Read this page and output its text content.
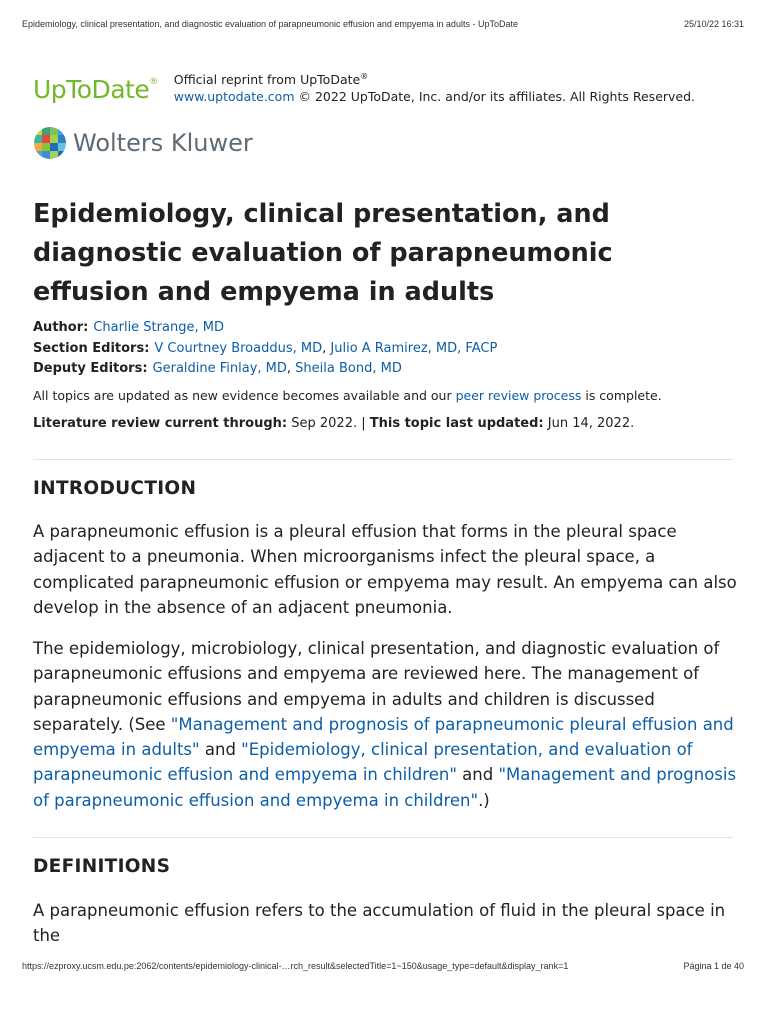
Epidemiology, clinical presentation, and diagnostic evaluation of parapneumonic effusion and empyema in adults - UpToDate	25/10/22 16:31
UpToDate® Official reprint from UpToDate®
www.uptodate.com © 2022 UpToDate, Inc. and/or its affiliates. All Rights Reserved.
Wolters Kluwer
Epidemiology, clinical presentation, and diagnostic evaluation of parapneumonic effusion and empyema in adults
Author: Charlie Strange, MD
Section Editors: V Courtney Broaddus, MD, Julio A Ramirez, MD, FACP
Deputy Editors: Geraldine Finlay, MD, Sheila Bond, MD
All topics are updated as new evidence becomes available and our peer review process is complete.
Literature review current through: Sep 2022. | This topic last updated: Jun 14, 2022.
INTRODUCTION

A parapneumonic effusion is a pleural effusion that forms in the pleural space adjacent to a pneumonia. When microorganisms infect the pleural space, a complicated parapneumonic effusion or empyema may result. An empyema can also develop in the absence of an adjacent pneumonia.

The epidemiology, microbiology, clinical presentation, and diagnostic evaluation of parapneumonic effusions and empyema are reviewed here. The management of parapneumonic effusions and empyema in adults and children is discussed separately. (See "Management and prognosis of parapneumonic pleural effusion and empyema in adults" and "Epidemiology, clinical presentation, and evaluation of parapneumonic effusion and empyema in children" and "Management and prognosis of parapneumonic effusion and empyema in children".)

DEFINITIONS

A parapneumonic effusion refers to the accumulation of fluid in the pleural space in the

https://ezproxy.ucsm.edu.pe:2062/contents/epidemiology-clinical-…rch_result&selectedTitle=1~150&usage_type=default&display_rank=1	Página 1 de 40
